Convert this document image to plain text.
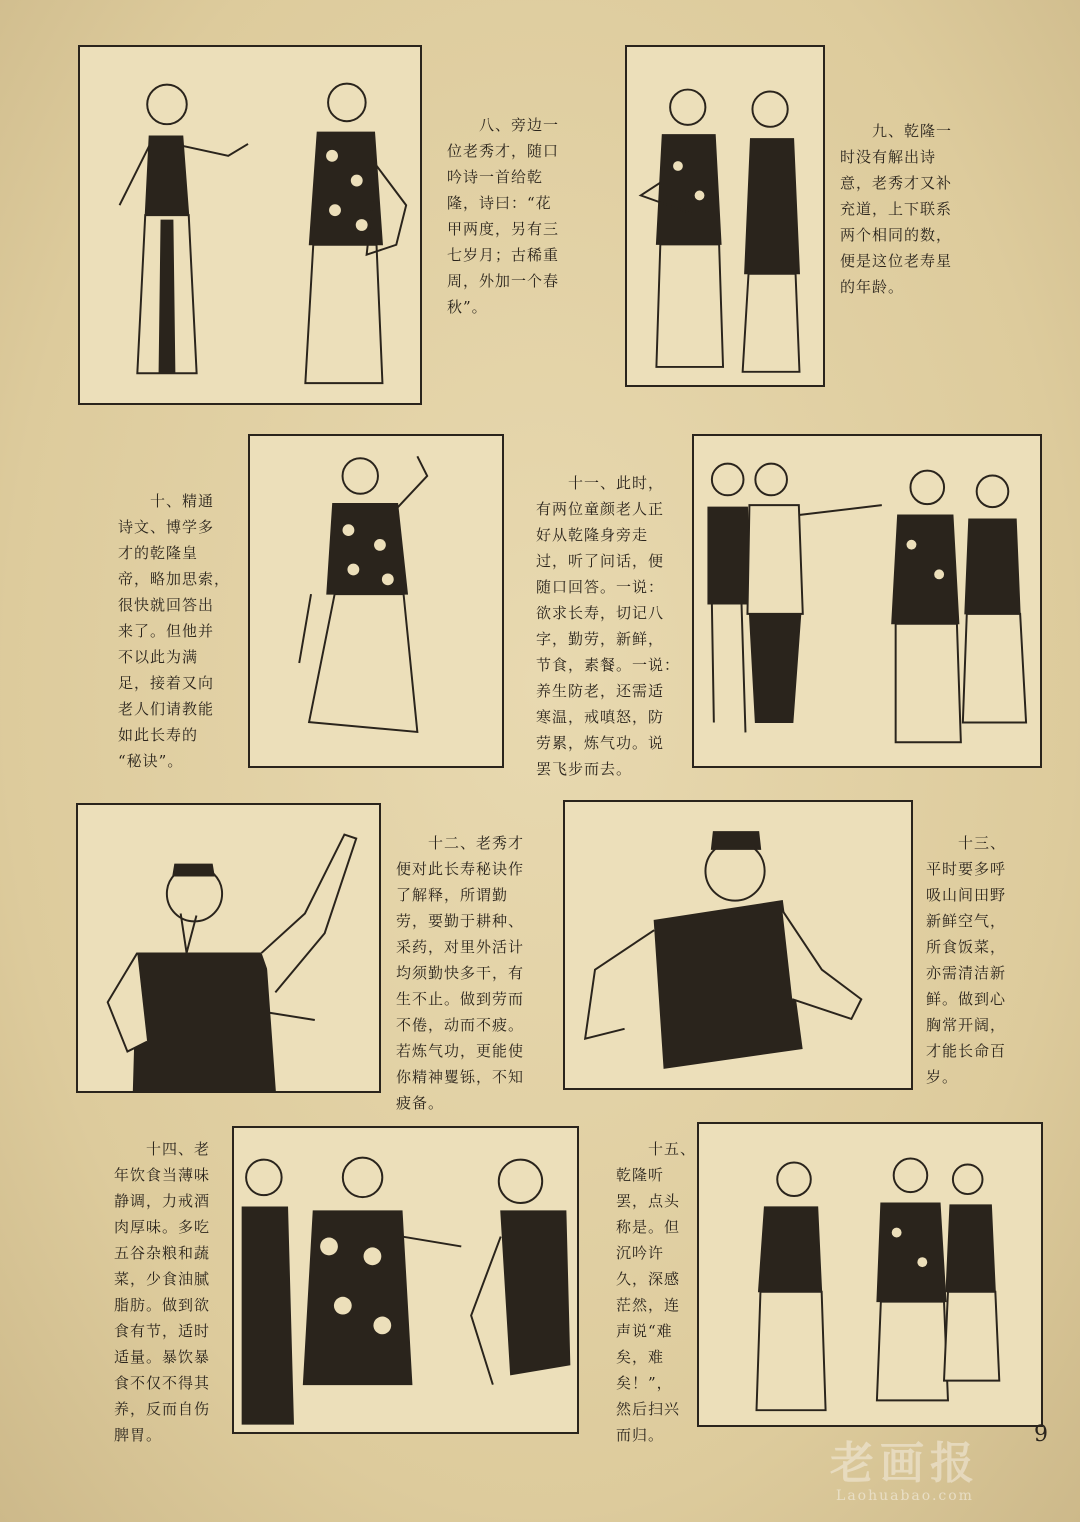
　　八、旁边一
位老秀才，随口
吟诗一首给乾
隆，诗曰：“花
甲两度，另有三
七岁月；古稀重
周，外加一个春
秋”。
　　九、乾隆一
时没有解出诗
意，老秀才又补
充道，上下联系
两个相同的数，
便是这位老寿星
的年龄。
　　十、精通
诗文、博学多
才的乾隆皇
帝，略加思索，
很快就回答出
来了。但他并
不以此为满
足，接着又向
老人们请教能
如此长寿的
“秘诀”。
　　十一、此时，
有两位童颜老人正
好从乾隆身旁走
过，听了问话，便
随口回答。一说：
欲求长寿，切记八
字，勤劳，新鲜，
节食，素餐。一说：
养生防老，还需适
寒温，戒嗔怒，防
劳累，炼气功。说
罢飞步而去。
　　十二、老秀才
便对此长寿秘诀作
了解释，所谓勤
劳，要勤于耕种、
采药，对里外活计
均须勤快多干，有
生不止。做到劳而
不倦，动而不疲。
若炼气功，更能使
你精神矍铄，不知
疲备。
　　十三、
平时要多呼
吸山间田野
新鲜空气，
所食饭菜，
亦需清洁新
鲜。做到心
胸常开阔，
才能长命百
岁。
　　十四、老
年饮食当薄味
静调，力戒酒
肉厚味。多吃
五谷杂粮和蔬
菜，少食油腻
脂肪。做到欲
食有节，适时
适量。暴饮暴
食不仅不得其
养，反而自伤
脾胃。
　　十五、
乾隆听
罢，点头
称是。但
沉吟许
久，深感
茫然，连
声说“难
矣，难
矣！”，
然后扫兴
而归。	9
老画报
Laohuabao.com
